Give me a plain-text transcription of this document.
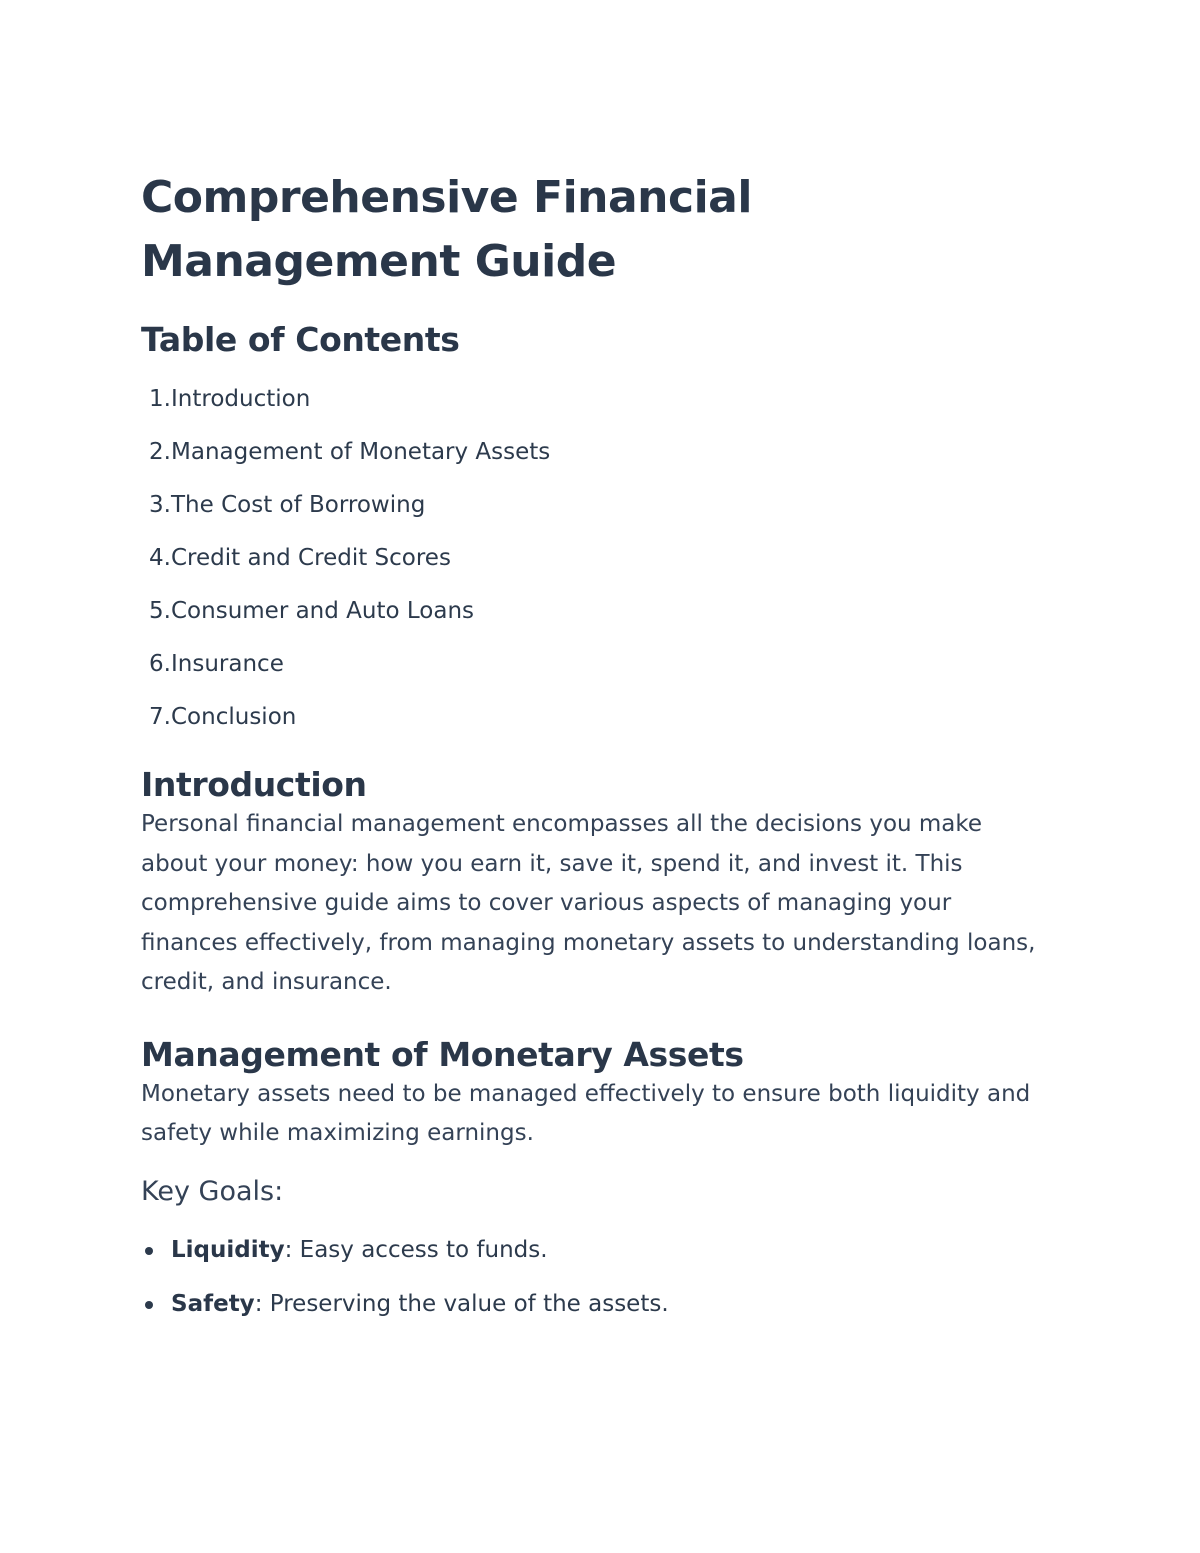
Comprehensive Financial Management Guide
Table of Contents
1. Introduction
2. Management of Monetary Assets
3. The Cost of Borrowing
4. Credit and Credit Scores
5. Consumer and Auto Loans
6. Insurance
7. Conclusion
Introduction

Personal financial management encompasses all the decisions you make about your money: how you earn it, save it, spend it, and invest it. This comprehensive guide aims to cover various aspects of managing your finances effectively, from managing monetary assets to understanding loans, credit, and insurance.

Management of Monetary Assets

Monetary assets need to be managed effectively to ensure both liquidity and safety while maximizing earnings.

Key Goals:
Liquidity: Easy access to funds.
Safety: Preserving the value of the assets.
